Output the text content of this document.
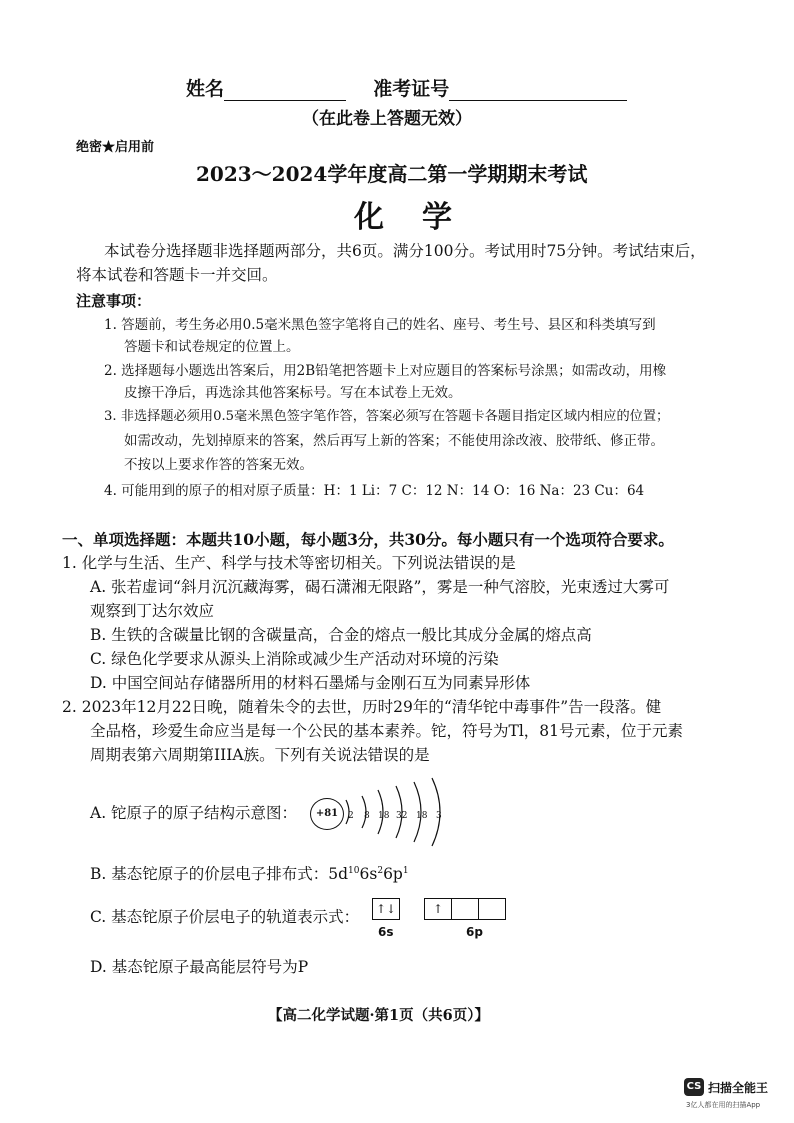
姓名	准考证号
（在此卷上答题无效）
绝密★启用前
2023～2024学年度高二第一学期期末考试
化　学
本试卷分选择题非选择题两部分，共6页。满分100分。考试用时75分钟。考试结束后，
将本试卷和答题卡一并交回。
注意事项：
1. 答题前，考生务必用0.5毫米黑色签字笔将自己的姓名、座号、考生号、县区和科类填写到
答题卡和试卷规定的位置上。
2. 选择题每小题选出答案后，用2B铅笔把答题卡上对应题目的答案标号涂黑；如需改动，用橡
皮擦干净后，再选涂其他答案标号。写在本试卷上无效。
3. 非选择题必须用0.5毫米黑色签字笔作答，答案必须写在答题卡各题目指定区域内相应的位置；
如需改动，先划掉原来的答案，然后再写上新的答案；不能使用涂改液、胶带纸、修正带。
不按以上要求作答的答案无效。
4. 可能用到的原子的相对原子质量：H：1 Li：7 C：12 N：14 O：16 Na：23 Cu：64
一、单项选择题：本题共10小题，每小题3分，共30分。每小题只有一个选项符合要求。
1. 化学与生活、生产、科学与技术等密切相关。下列说法错误的是
A. 张若虚词“斜月沉沉藏海雾，碣石潇湘无限路”，雾是一种气溶胶，光束透过大雾可
观察到丁达尔效应
B. 生铁的含碳量比钢的含碳量高，合金的熔点一般比其成分金属的熔点高
C. 绿色化学要求从源头上消除或减少生产活动对环境的污染
D. 中国空间站存储器所用的材料石墨烯与金刚石互为同素异形体
2. 2023年12月22日晚，随着朱令的去世，历时29年的“清华铊中毒事件”告一段落。健
全品格，珍爱生命应当是每一个公民的基本素养。铊，符号为Tl，81号元素，位于元素
周期表第六周期第IIIA族。下列有关说法错误的是
A. 铊原子的原子结构示意图：	+81	2 8 18 32 18 3
B. 基态铊原子的价层电子排布式：$5d^{10}6s^26p^1$
C. 基态铊原子价层电子的轨道表示式：	↑↓	↑
6s	6p
D. 基态铊原子最高能层符号为P
【高二化学试题·第1页（共6页）】
CS 扫描全能王
3亿人都在用的扫描App
